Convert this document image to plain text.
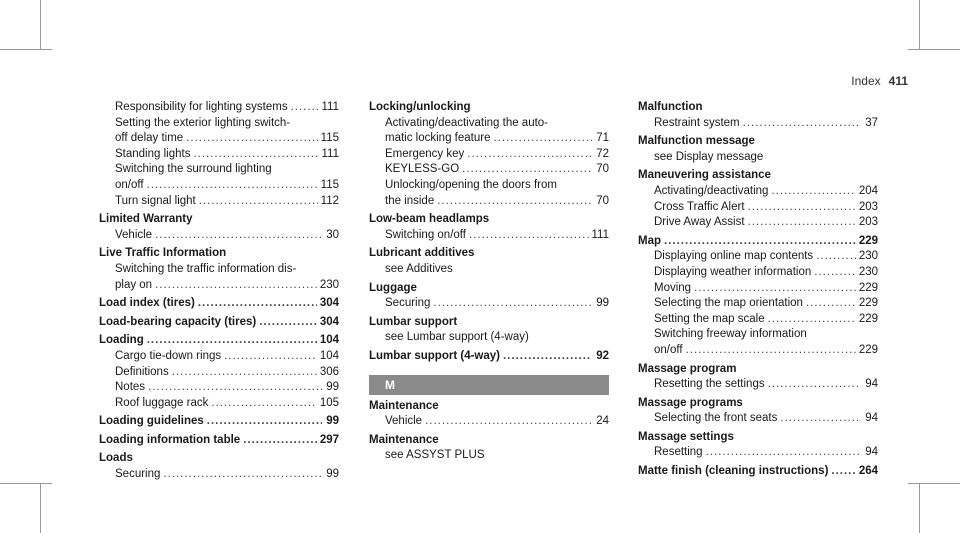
Index 411
Responsibility for lighting systems .....	111
Setting the exterior lighting switch-
off delay time .....	115
Standing lights .....	111
Switching the surround lighting
on/off .....	115
Turn signal light .....	112
Limited Warranty
Vehicle .....	30
Live Traffic Information
Switching the traffic information dis-
play on .....	230
Load index (tires) .....	304
Load-bearing capacity (tires) .....	304
Loading .....	104
Cargo tie-down rings .....	104
Definitions .....	306
Notes .....	99
Roof luggage rack .....	105
Loading guidelines .....	99
Loading information table .....	297
Loads
Securing .....	99
Locking/unlocking
Activating/deactivating the auto-
matic locking feature .....	71
Emergency key .....	72
KEYLESS-GO .....	70
Unlocking/opening the doors from
the inside .....	70
Low-beam headlamps
Switching on/off .....	111
Lubricant additives
see Additives
Luggage
Securing .....	99
Lumbar support
see Lumbar support (4-way)
Lumbar support (4-way) .....	92
M
Maintenance
Vehicle .....	24
Maintenance
see ASSYST PLUS
Malfunction
Restraint system .....	37
Malfunction message
see Display message
Maneuvering assistance
Activating/deactivating .....	204
Cross Traffic Alert .....	203
Drive Away Assist .....	203
Map .....	229
Displaying online map contents .....	230
Displaying weather information .....	230
Moving .....	229
Selecting the map orientation .....	229
Setting the map scale .....	229
Switching freeway information
on/off .....	229
Massage program
Resetting the settings .....	94
Massage programs
Selecting the front seats .....	94
Massage settings
Resetting .....	94
Matte finish (cleaning instructions) .....	264
